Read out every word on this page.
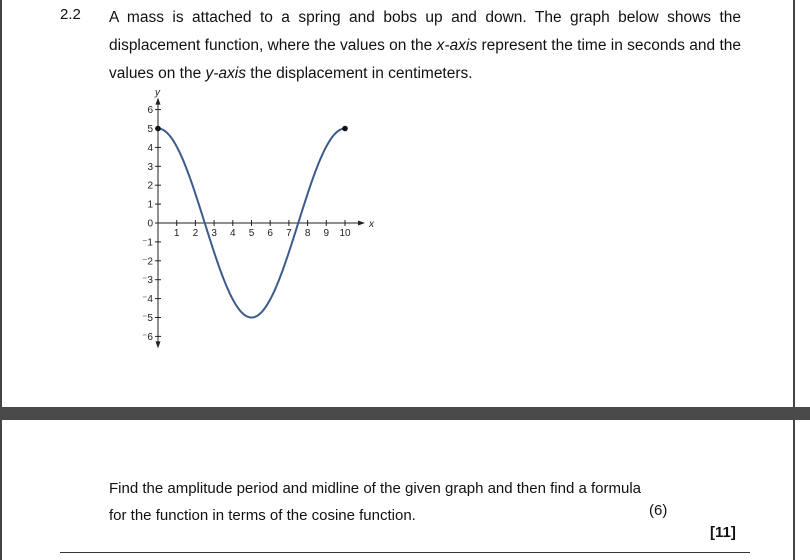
2.2 A mass is attached to a spring and bobs up and down. The graph below shows the displacement function, where the values on the x-axis represent the time in seconds and the values on the y-axis the displacement in centimeters.
x
y
1 2 3 4 5 6 7 8 9 10
6
5
4
3
2
1
0
⁻1
⁻2
⁻3
⁻4
⁻5
⁻6
Find the amplitude period and midline of the given graph and then find a formula for the function in terms of the cosine function.	(6)
[11]
